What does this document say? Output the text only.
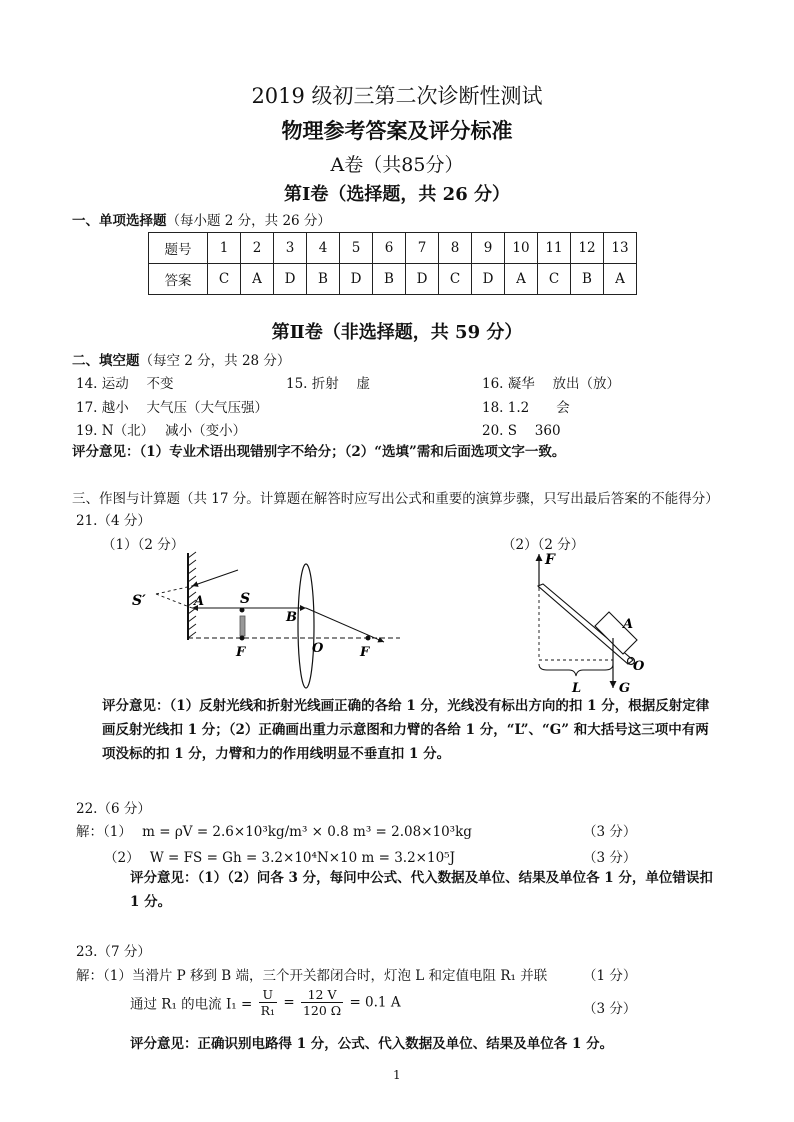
2019 级初三第二次诊断性测试
物理参考答案及评分标准
A卷（共85分）
第Ⅰ卷（选择题，共 26 分）
一、单项选择题（每小题 2 分，共 26 分）
题号	1	2	3	4	5	6	7	8	9	10	11	12	13
答案	C	A	D	B	D	B	D	C	D	A	C	B	A
第Ⅱ卷（非选择题，共 59 分）
二、填空题（每空 2 分，共 28 分）
14. 运动　 不变	15. 折射　 虚	16. 凝华　 放出（放）
17. 越小　 大气压（大气压强）	18. 1.2　　会
19. N（北）　 减小（变小）	20. S　 360
评分意见：（1）专业术语出现错别字不给分；（2）“选填”需和后面选项文字一致。
三、作图与计算题（共 17 分。计算题在解答时应写出公式和重要的演算步骤，只写出最后答案的不能得分）
21.（4 分）
（1）（2 分）	（2）（2 分）
S′	A	S
B
O
F	F
F
A
O
L	G
评分意见：（1）反射光线和折射光线画正确的各给 1 分，光线没有标出方向的扣 1 分，根据反射定律
画反射光线扣 1 分；（2）正确画出重力示意图和力臂的各给 1 分，“L”、“G” 和大括号这三项中有两
项没标的扣 1 分，力臂和力的作用线明显不垂直扣 1 分。
22.（6 分）
解：（1） m = ρV = 2.6×10³kg/m³ × 0.8 m³ = 2.08×10³kg	（3 分）
（2） W = FS = Gh = 3.2×10⁴N×10 m = 3.2×10⁵J	（3 分）
评分意见：（1）（2）问各 3 分，每问中公式、代入数据及单位、结果及单位各 1 分，单位错误扣
1 分。
23.（7 分）
解：（1）当滑片 P 移到 B 端，三个开关都闭合时，灯泡 L 和定值电阻 R₁ 并联	（1 分）
通过 R₁ 的电流 $I_1 = \frac{U}{\text{R₁}} = \frac{12 V}{120 \Omega} = 0.1$ A	（3 分）
评分意见：正确识别电路得 1 分，公式、代入数据及单位、结果及单位各 1 分。
1
